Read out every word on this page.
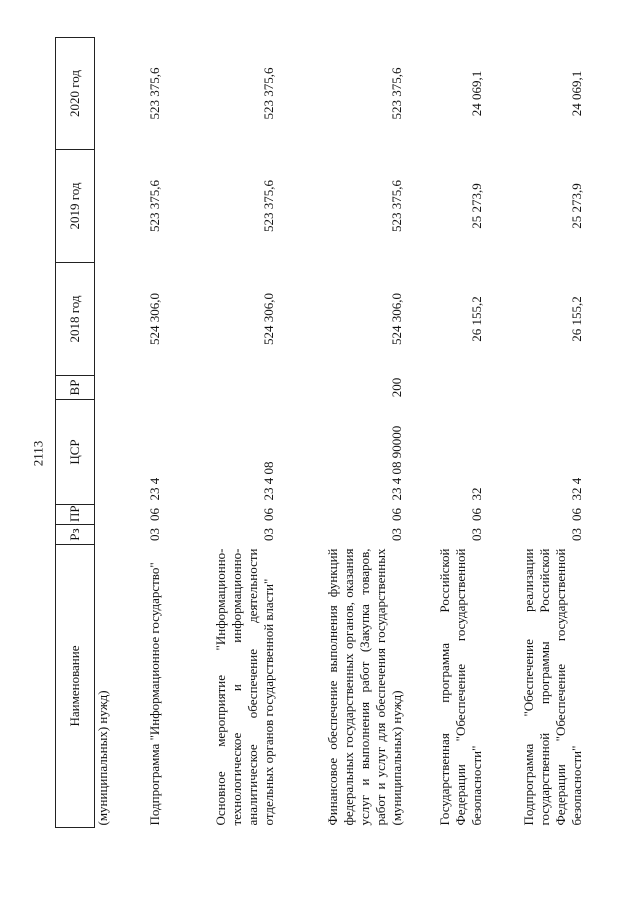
2113
Наименование	Рз	ПР	ЦСР	ВР	2018 год	2019 год	2020 год
(муниципальных) нужд)							
Подпрограмма "Информационное государство"	03	06	23 4		524 306,0	523 375,6	523 375,6
Основное мероприятие "Информационно-технологическое и информационно-аналитическое обеспечение деятельности отдельных органов государственной власти"	03	06	23 4 08		524 306,0	523 375,6	523 375,6
Финансовое обеспечение выполнения функций федеральных государственных органов, оказания услуг и выполнения работ (Закупка товаров, работ и услуг для обеспечения государственных (муниципальных) нужд)	03	06	23 4 08 90000	200	524 306,0	523 375,6	523 375,6
Государственная программа Российской Федерации "Обеспечение государственной безопасности"	03	06	32		26 155,2	25 273,9	24 069,1
Подпрограмма "Обеспечение реализации государственной программы Российской Федерации "Обеспечение государственной безопасности"	03	06	32 4		26 155,2	25 273,9	24 069,1
